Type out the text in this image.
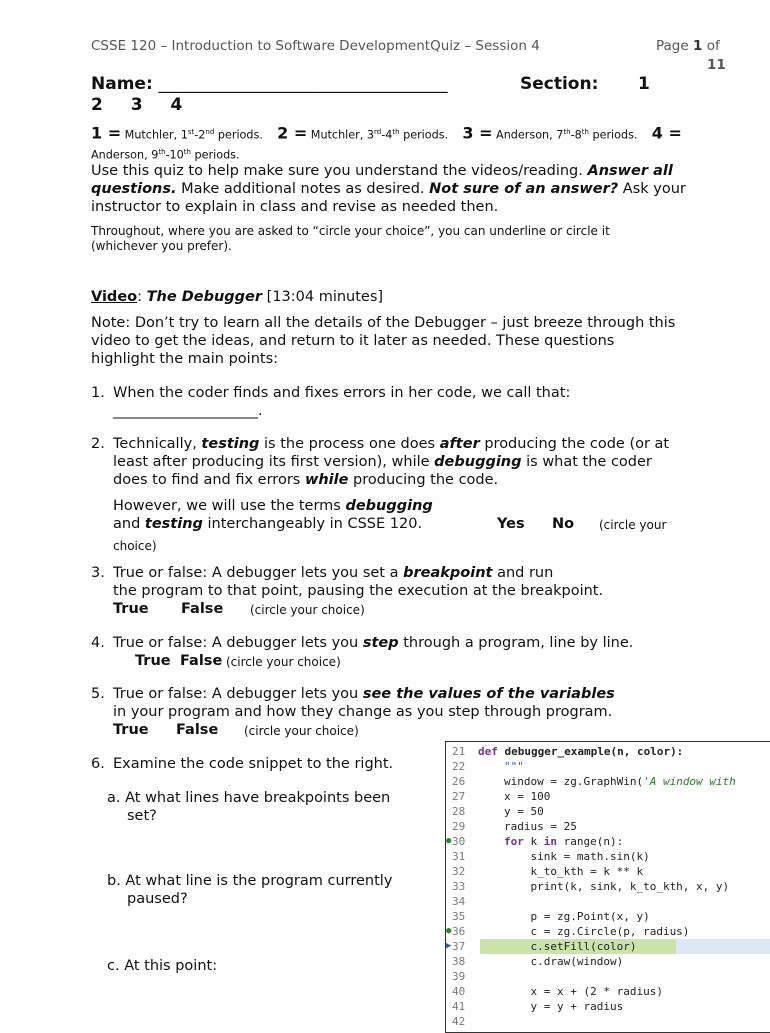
CSSE 120 – Introduction to Software DevelopmentQuiz – Session 4	Page 1 of
11
Name: __________________________________	Section: 1
2 3 4
1 = Mutchler, 1st-2nd periods. 2 = Mutchler, 3rd-4th periods. 3 = Anderson, 7th-8th periods. 4 =
Anderson, 9th-10th periods.
Use this quiz to help make sure you understand the videos/reading. Answer all questions. Make additional notes as desired. Not sure of an answer? Ask your instructor to explain in class and revise as needed then.
Throughout, where you are asked to “circle your choice”, you can underline or circle it (whichever you prefer).
Video: The Debugger [13:04 minutes]
Note: Don’t try to learn all the details of the Debugger – just breeze through this video to get the ideas, and return to it later as needed. These questions highlight the main points:
1. When the coder finds and fixes errors in her code, we call that:
____________________.
2. Technically, testing is the process one does after producing the code (or at least after producing its first version), while debugging is what the coder does to find and fix errors while producing the code.
However, we will use the terms debugging
and testing interchangeably in CSSE 120.	Yes No (circle your
choice)
3. True or false: A debugger lets you set a breakpoint and run
the program to that point, pausing the execution at the breakpoint.
True False (circle your choice)
4. True or false: A debugger lets you step through a program, line by line.
True False (circle your choice)
5. True or false: A debugger lets you see the values of the variables
in your program and how they change as you step through program.
True False (circle your choice)
6. Examine the code snippet to the right.
a. At what lines have breakpoints been
set?
b. At what line is the program currently
paused?
c. At this point:
21	def debugger_example(n, color):
22	"""
26	window = zg.GraphWin('A window with
27	x = 100
28	y = 50
29	radius = 25
● 30	for k in range(n):
31	sink = math.sin(k)
32	k_to_kth = k ** k
33	print(k, sink, k_to_kth, x, y)
34
35	p = zg.Point(x, y)
● 36	c = zg.Circle(p, radius)
▶ 37	c.setFill(color)
38	c.draw(window)
39
40	x = x + (2 * radius)
41	y = y + radius
42
